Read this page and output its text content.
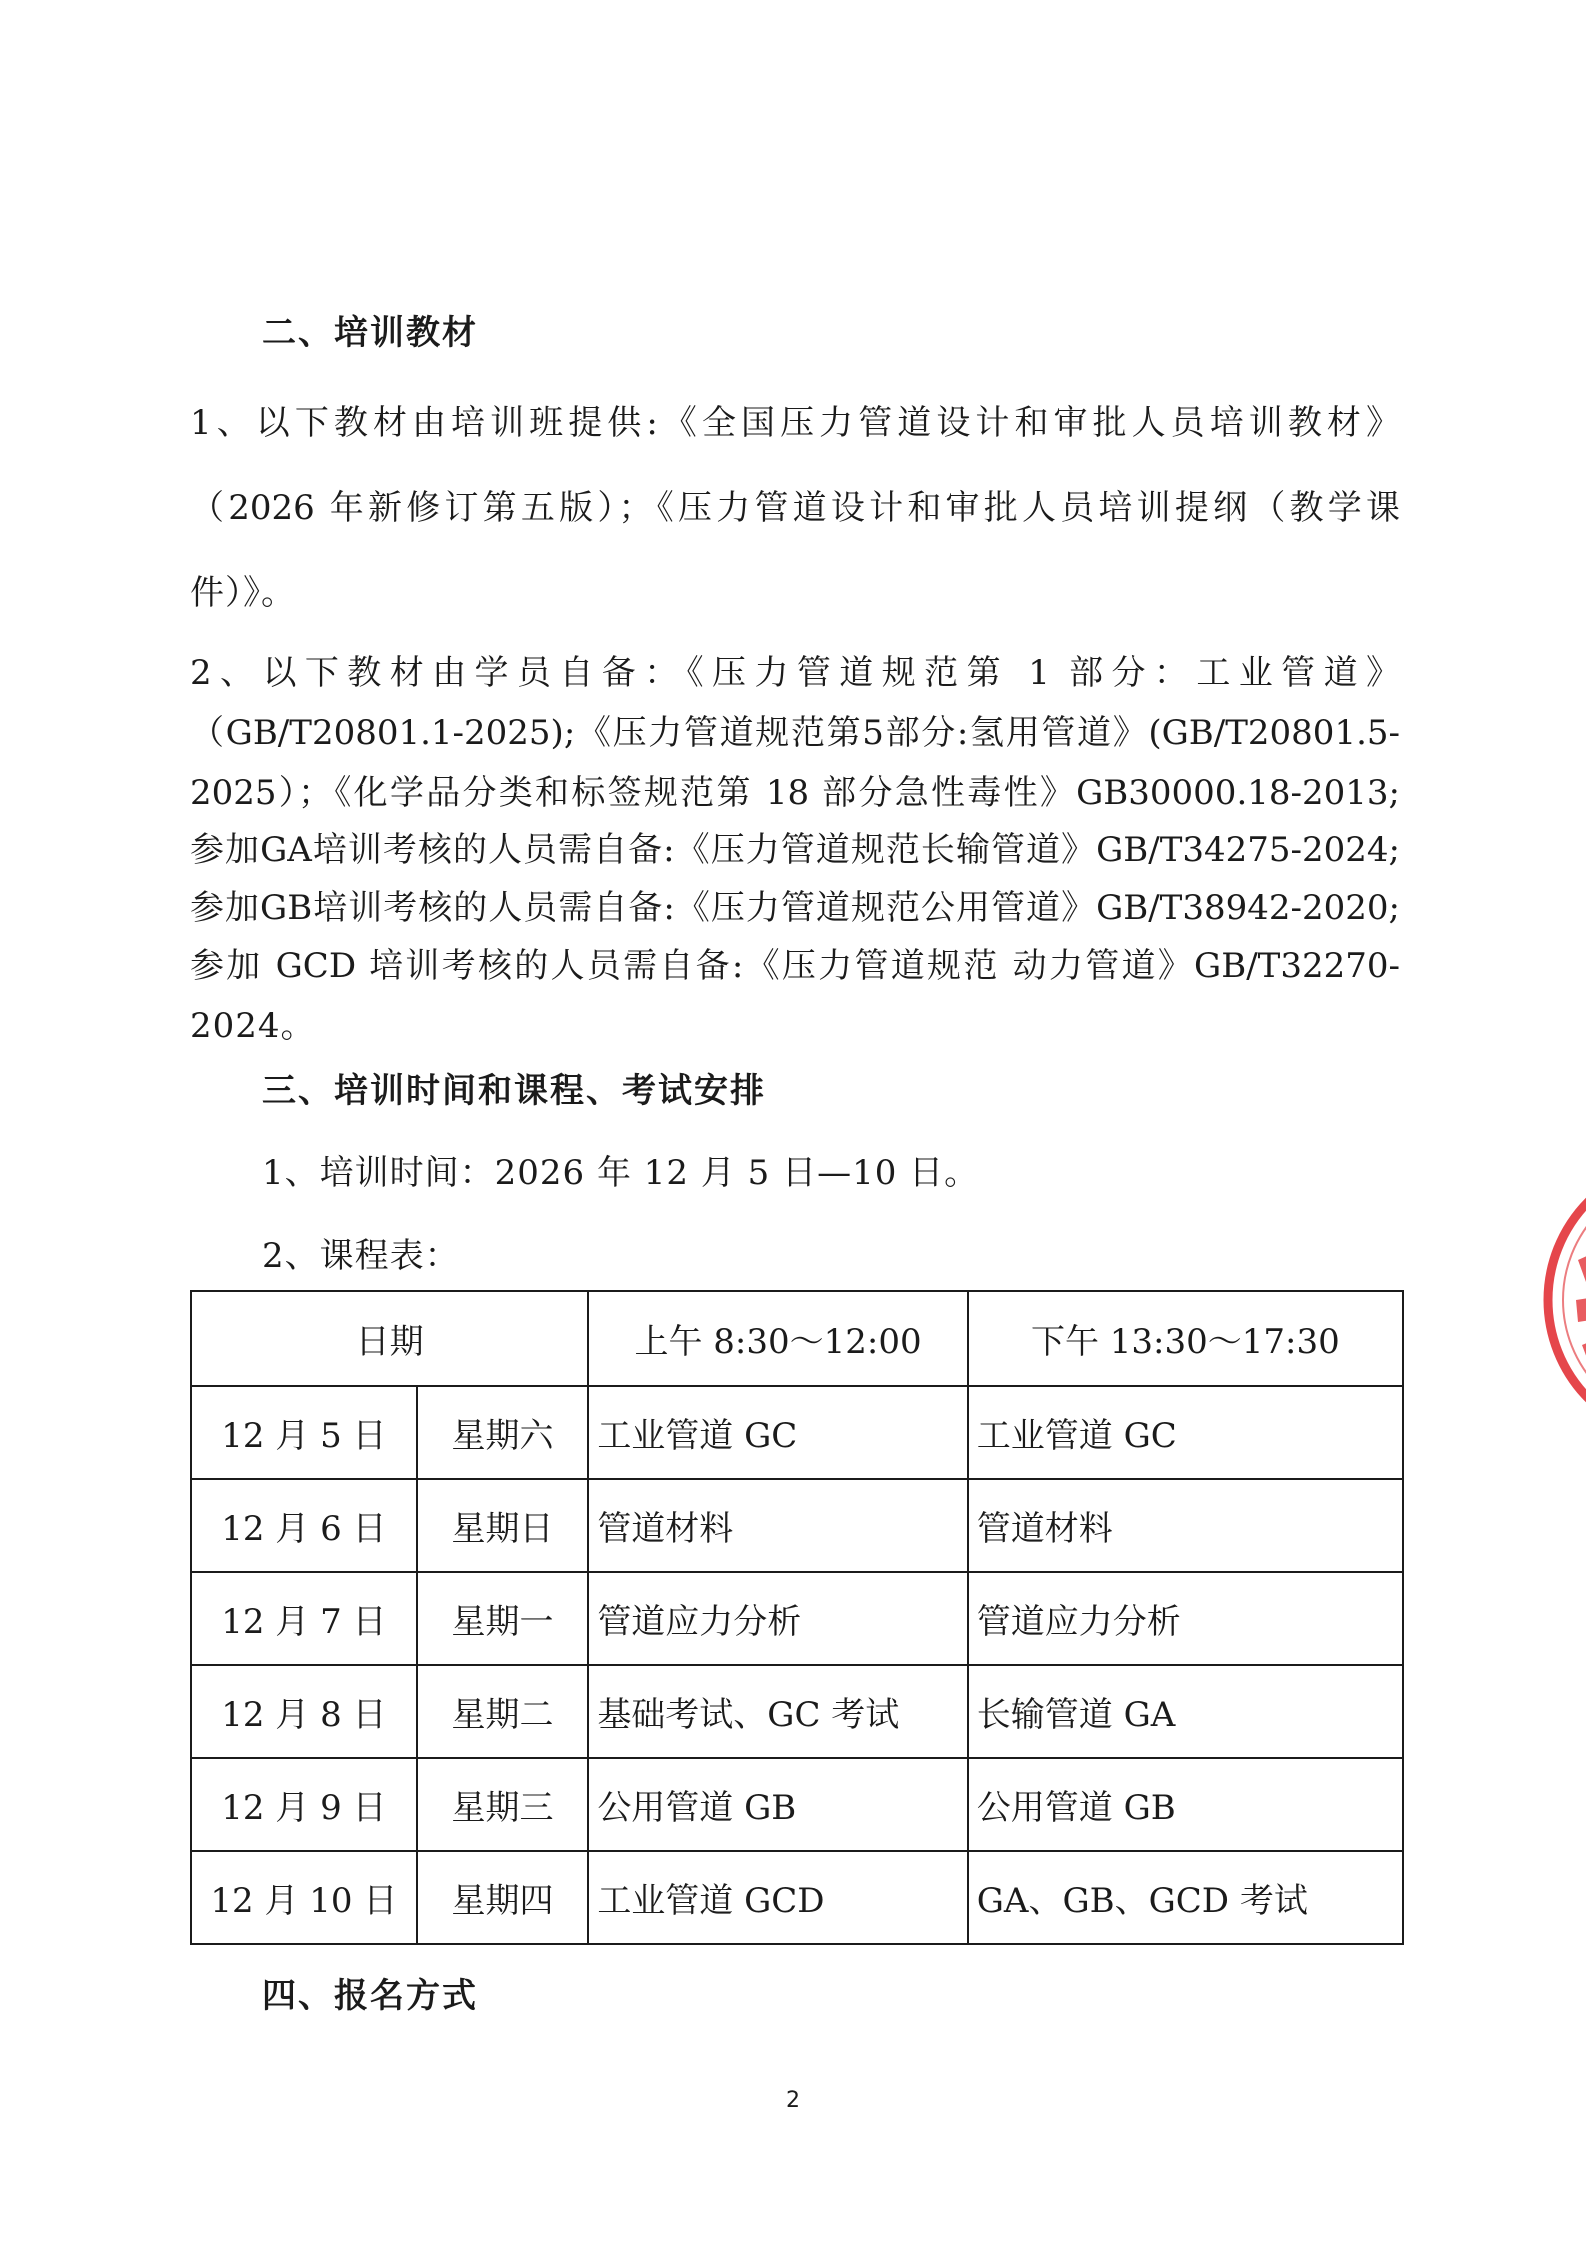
二、培训教材
1、以下教材由培训班提供:《全国压力管道设计和审批人员培训教材》
（2026 年新修订第五版）；《压力管道设计和审批人员培训提纲（教学课
件）》。
2、以下教材由学员自备：《压力管道规范第 1 部分：工业管道》
（GB/T20801.1-2025);《压力管道规范第5部分:氢用管道》(GB/T20801.5-
2025）；《化学品分类和标签规范第 18 部分急性毒性》GB30000.18-2013;
参加GA培训考核的人员需自备:《压力管道规范长输管道》GB/T34275-2024;
参加GB培训考核的人员需自备:《压力管道规范公用管道》GB/T38942-2020;
参加 GCD 培训考核的人员需自备:《压力管道规范 动力管道》GB/T32270-
2024。
三、培训时间和课程、考试安排
1、培训时间：2026 年 12 月 5 日—10 日。
2、课程表：
日期		上午 8:30～12:00	下午 13:30～17:30
12 月 5 日	星期六	工业管道 GC	工业管道 GC
12 月 6 日	星期日	管道材料	管道材料
12 月 7 日	星期一	管道应力分析	管道应力分析
12 月 8 日	星期二	基础考试、GC 考试	长输管道 GA
12 月 9 日	星期三	公用管道 GB	公用管道 GB
12 月 10 日	星期四	工业管道 GCD	GA、GB、GCD 考试
四、报名方式
2
